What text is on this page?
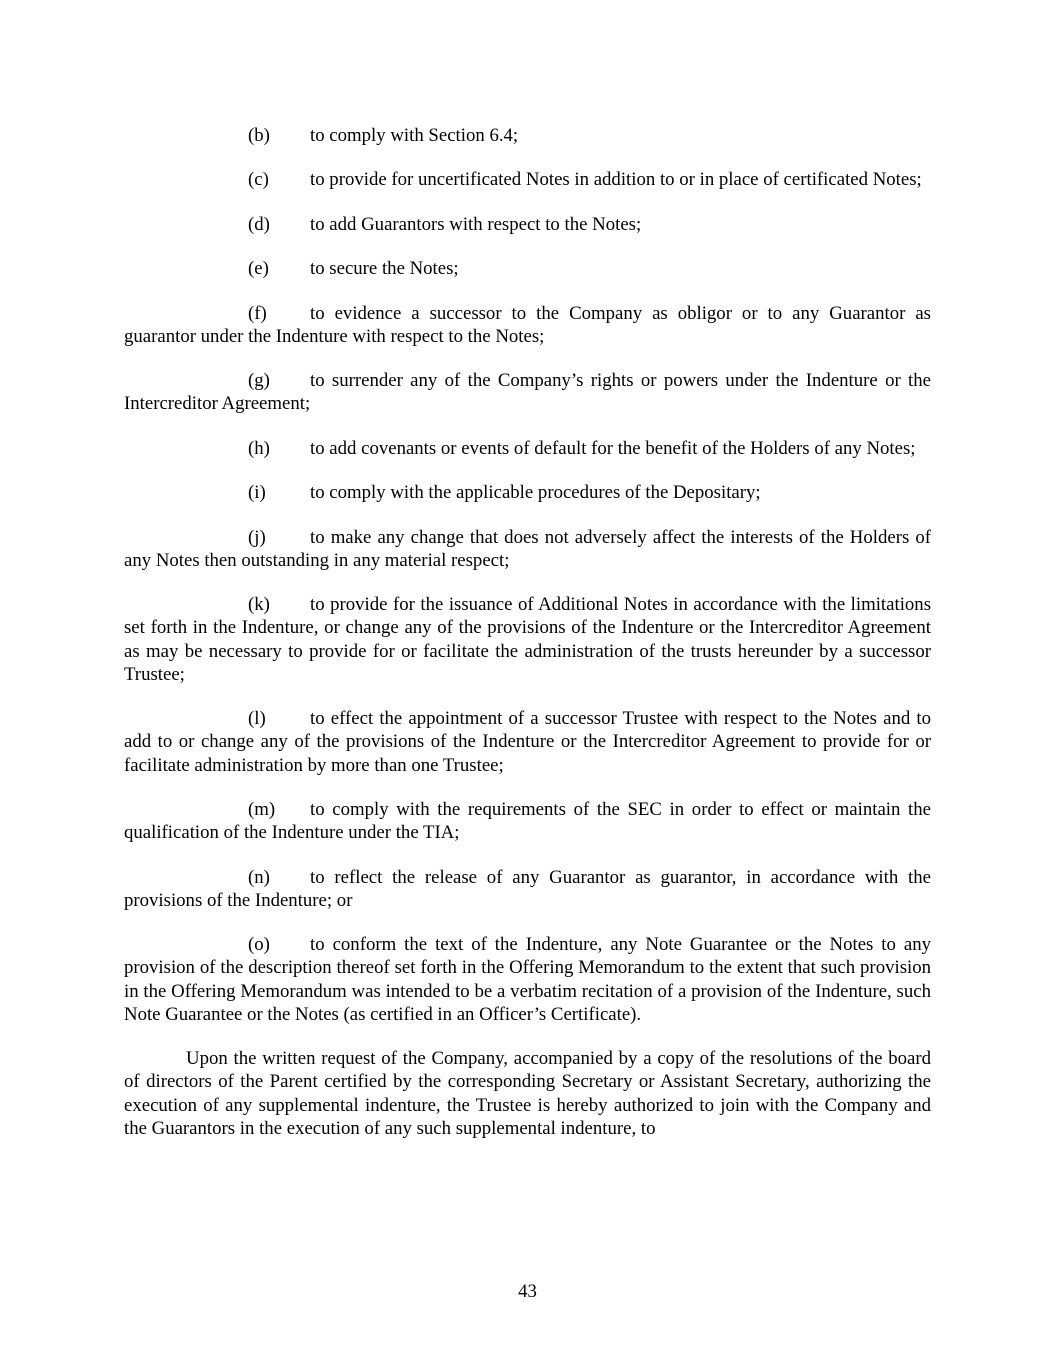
(b) to comply with Section 6.4;

(c) to provide for uncertificated Notes in addition to or in place of certificated Notes;

(d) to add Guarantors with respect to the Notes;

(e) to secure the Notes;

(f) to evidence a successor to the Company as obligor or to any Guarantor as guarantor under the Indenture with respect to the Notes;

(g) to surrender any of the Company’s rights or powers under the Indenture or the Intercreditor Agreement;

(h) to add covenants or events of default for the benefit of the Holders of any Notes;

(i) to comply with the applicable procedures of the Depositary;

(j) to make any change that does not adversely affect the interests of the Holders of any Notes then outstanding in any material respect;

(k) to provide for the issuance of Additional Notes in accordance with the limitations set forth in the Indenture, or change any of the provisions of the Indenture or the Intercreditor Agreement as may be necessary to provide for or facilitate the administration of the trusts hereunder by a successor Trustee;

(l) to effect the appointment of a successor Trustee with respect to the Notes and to add to or change any of the provisions of the Indenture or the Intercreditor Agreement to provide for or facilitate administration by more than one Trustee;

(m) to comply with the requirements of the SEC in order to effect or maintain the qualification of the Indenture under the TIA;

(n) to reflect the release of any Guarantor as guarantor, in accordance with the provisions of the Indenture; or

(o) to conform the text of the Indenture, any Note Guarantee or the Notes to any provision of the description thereof set forth in the Offering Memorandum to the extent that such provision in the Offering Memorandum was intended to be a verbatim recitation of a provision of the Indenture, such Note Guarantee or the Notes (as certified in an Officer’s Certificate).

Upon the written request of the Company, accompanied by a copy of the resolutions of the board of directors of the Parent certified by the corresponding Secretary or Assistant Secretary, authorizing the execution of any supplemental indenture, the Trustee is hereby authorized to join with the Company and the Guarantors in the execution of any such supplemental indenture, to

43
